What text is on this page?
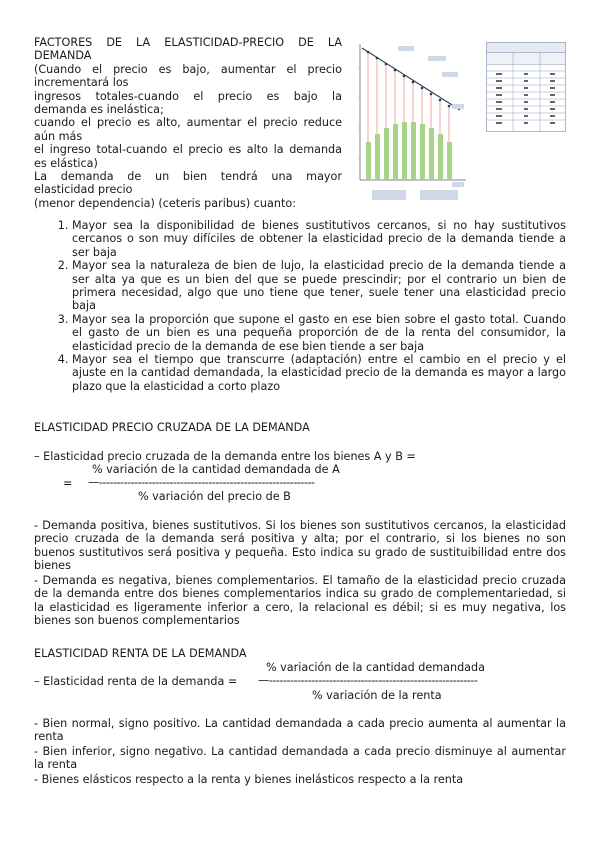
FACTORES DE LA ELASTICIDAD-PRECIO DE LA
DEMANDA
(Cuando el precio es bajo, aumentar el precio
incrementará los
ingresos totales-cuando el precio es bajo la
demanda es inelástica;
cuando el precio es alto, aumentar el precio reduce
aún más
el ingreso total-cuando el precio es alto la demanda
es elástica)
La demanda de un bien tendrá una mayor
elasticidad precio
(menor dependencia) (ceteris paribus) cuanto:
1. Mayor sea la disponibilidad de bienes sustitutivos cercanos, si no hay sustitutivos cercanos o son muy difíciles de obtener la elasticidad precio de la demanda tiende a ser baja
2. Mayor sea la naturaleza de bien de lujo, la elasticidad precio de la demanda tiende a ser alta ya que es un bien del que se puede prescindir; por el contrario un bien de primera necesidad, algo que uno tiene que tener, suele tener una elasticidad precio baja
3. Mayor sea la proporción que supone el gasto en ese bien sobre el gasto total. Cuando el gasto de un bien es una pequeña proporción de de la renta del consumidor, la elasticidad precio de la demanda de ese bien tiende a ser baja
4. Mayor sea el tiempo que transcurre (adaptación) entre el cambio en el precio y el ajuste en la cantidad demandada, la elasticidad precio de la demanda es mayor a largo plazo que la elasticidad a corto plazo
ELASTICIDAD PRECIO CRUZADA DE LA DEMANDA
– Elasticidad precio cruzada de la demanda entre los bienes A y B =
% variación de la cantidad demandada de A
= —-------------------------------------------------------------
% variación del precio de B
- Demanda positiva, bienes sustitutivos. Si los bienes son sustitutivos cercanos, la elasticidad precio cruzada de la demanda será positiva y alta; por el contrario, si los bienes no son buenos sustitutivos será positiva y pequeña. Esto indica su grado de sustituibilidad entre dos bienes
- Demanda es negativa, bienes complementarios. El tamaño de la elasticidad precio cruzada de la demanda entre dos bienes complementarios indica su grado de complementariedad, si la elasticidad es ligeramente inferior a cero, la relacional es débil; si es muy negativa, los bienes son buenos complementarios
ELASTICIDAD RENTA DE LA DEMANDA
% variación de la cantidad demandada
– Elasticidad renta de la demanda = —-----------------------------------------------------------
% variación de la renta
- Bien normal, signo positivo. La cantidad demandada a cada precio aumenta al aumentar la renta
- Bien inferior, signo negativo. La cantidad demandada a cada precio disminuye al aumentar la renta
- Bienes elásticos respecto a la renta y bienes inelásticos respecto a la renta
